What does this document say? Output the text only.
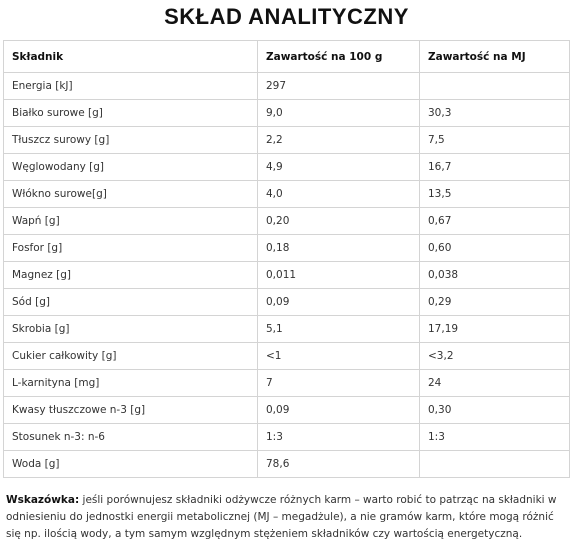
SKŁAD ANALITYCZNY
Składnik	Zawartość na 100 g	Zawartość na MJ
Energia [kJ]	297	
Białko surowe [g]	9,0	30,3
Tłuszcz surowy [g]	2,2	7,5
Węglowodany [g]	4,9	16,7
Włókno surowe[g]	4,0	13,5
Wapń [g]	0,20	0,67
Fosfor [g]	0,18	0,60
Magnez [g]	0,011	0,038
Sód [g]	0,09	0,29
Skrobia [g]	5,1	17,19
Cukier całkowity [g]	<1	<3,2
L-karnityna [mg]	7	24
Kwasy tłuszczowe n-3 [g]	0,09	0,30
Stosunek n-3: n-6	1:3	1:3
Woda [g]	78,6	
Wskazówka: jeśli porównujesz składniki odżywcze różnych karm – warto robić to patrząc na składniki w odniesieniu do jednostki energii metabolicznej (MJ – megadżule), a nie gramów karm, które mogą różnić się np. ilością wody, a tym samym względnym stężeniem składników czy wartością energetyczną.
